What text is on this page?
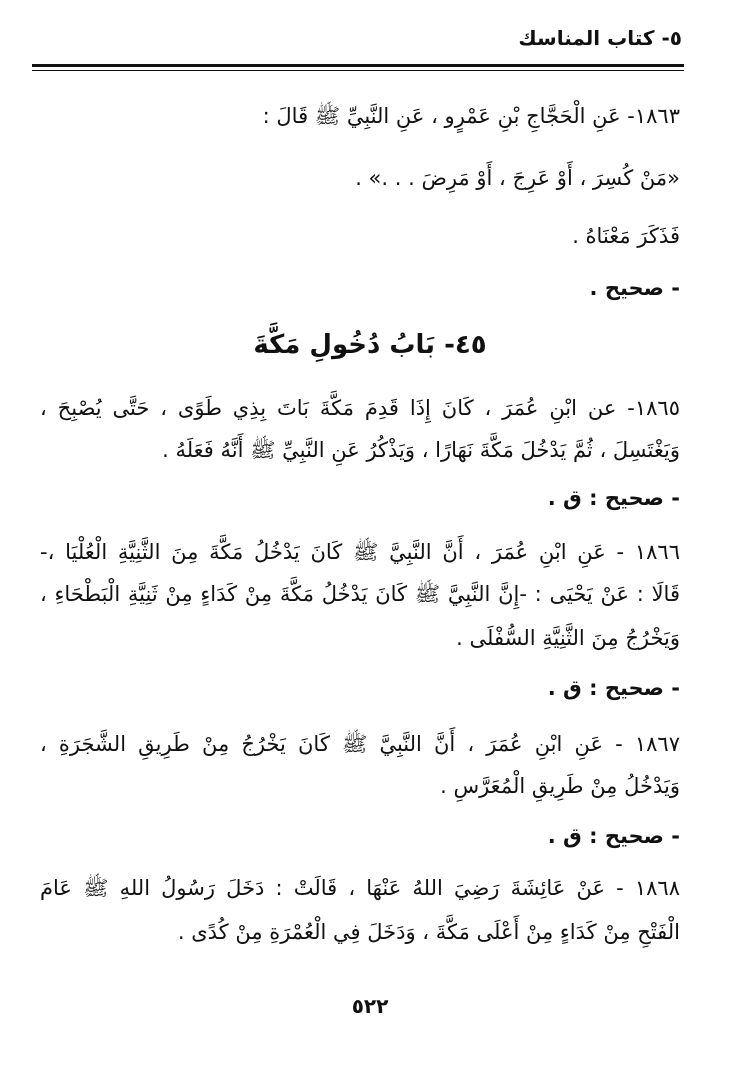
٥- كتاب المناسك
١٨٦٣- عَنِ الْحَجَّاجِ بْنِ عَمْرٍو ، عَنِ النَّبِيِّ ﷺ قَالَ :
«مَنْ كُسِرَ ، أَوْ عَرِجَ ، أَوْ مَرِضَ . . .» .
فَذَكَرَ مَعْنَاهُ .
- صحيح .
٤٥- بَابُ دُخُولِ مَكَّةَ
١٨٦٥- عن ابْنِ عُمَرَ ، كَانَ إِذَا قَدِمَ مَكَّةَ بَاتَ بِذِي طَوًى ، حَتَّى يُصْبِحَ ،
وَيَغْتَسِلَ ، ثُمَّ يَدْخُلَ مَكَّةَ نَهَارًا ، وَيَذْكُرُ عَنِ النَّبِيِّ ﷺ أَنَّهُ فَعَلَهُ .
- صحيح : ق .
١٨٦٦ - عَنِ ابْنِ عُمَرَ ، أَنَّ النَّبِيَّ ﷺ كَانَ يَدْخُلُ مَكَّةَ مِنَ الثَّنِيَّةِ الْعُلْيَا ،-
قَالَا : عَنْ يَحْيَى : -إِنَّ النَّبِيَّ ﷺ كَانَ يَدْخُلُ مَكَّةَ مِنْ كَدَاءٍ مِنْ ثَنِيَّةِ الْبَطْحَاءِ ،
وَيَخْرُجُ مِنَ الثَّنِيَّةِ السُّفْلَى .
- صحيح : ق .
١٨٦٧ - عَنِ ابْنِ عُمَرَ ، أَنَّ النَّبِيَّ ﷺ كَانَ يَخْرُجُ مِنْ طَرِيقِ الشَّجَرَةِ ،
وَيَدْخُلُ مِنْ طَرِيقِ الْمُعَرَّسِ .
- صحيح : ق .
١٨٦٨ - عَنْ عَائِشَةَ رَضِيَ اللهُ عَنْهَا ، قَالَتْ : دَخَلَ رَسُولُ اللهِ ﷺ عَامَ
الْفَتْحِ مِنْ كَدَاءٍ مِنْ أَعْلَى مَكَّةَ ، وَدَخَلَ فِي الْعُمْرَةِ مِنْ كُدًى .
٥٢٢
